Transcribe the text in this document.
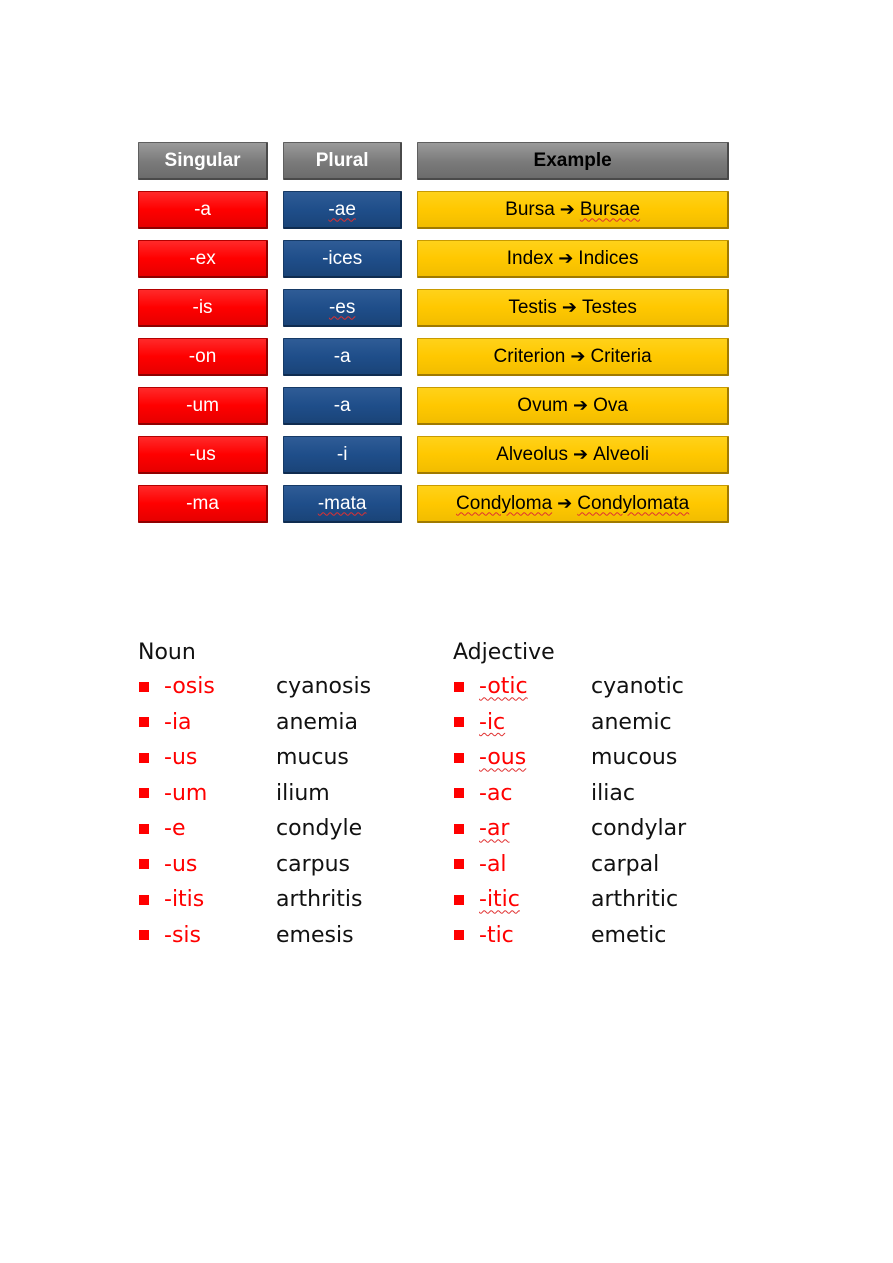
Singular	Plural	Example
-a	-ae	Bursa ➔ Bursae
-ex	-ices	Index ➔ Indices
-is	-es	Testis ➔ Testes
-on	-a	Criterion ➔ Criteria
-um	-a	Ovum ➔ Ova
-us	-i	Alveolus ➔ Alveoli
-ma	-mata	Condyloma ➔ Condylomata
Noun
-osis	cyanosis
-ia	anemia
-us	mucus
-um	ilium
-e	condyle
-us	carpus
-itis	arthritis
-sis	emesis
Adjective
-otic	cyanotic
-ic	anemic
-ous	mucous
-ac	iliac
-ar	condylar
-al	carpal
-itic	arthritic
-tic	emetic
